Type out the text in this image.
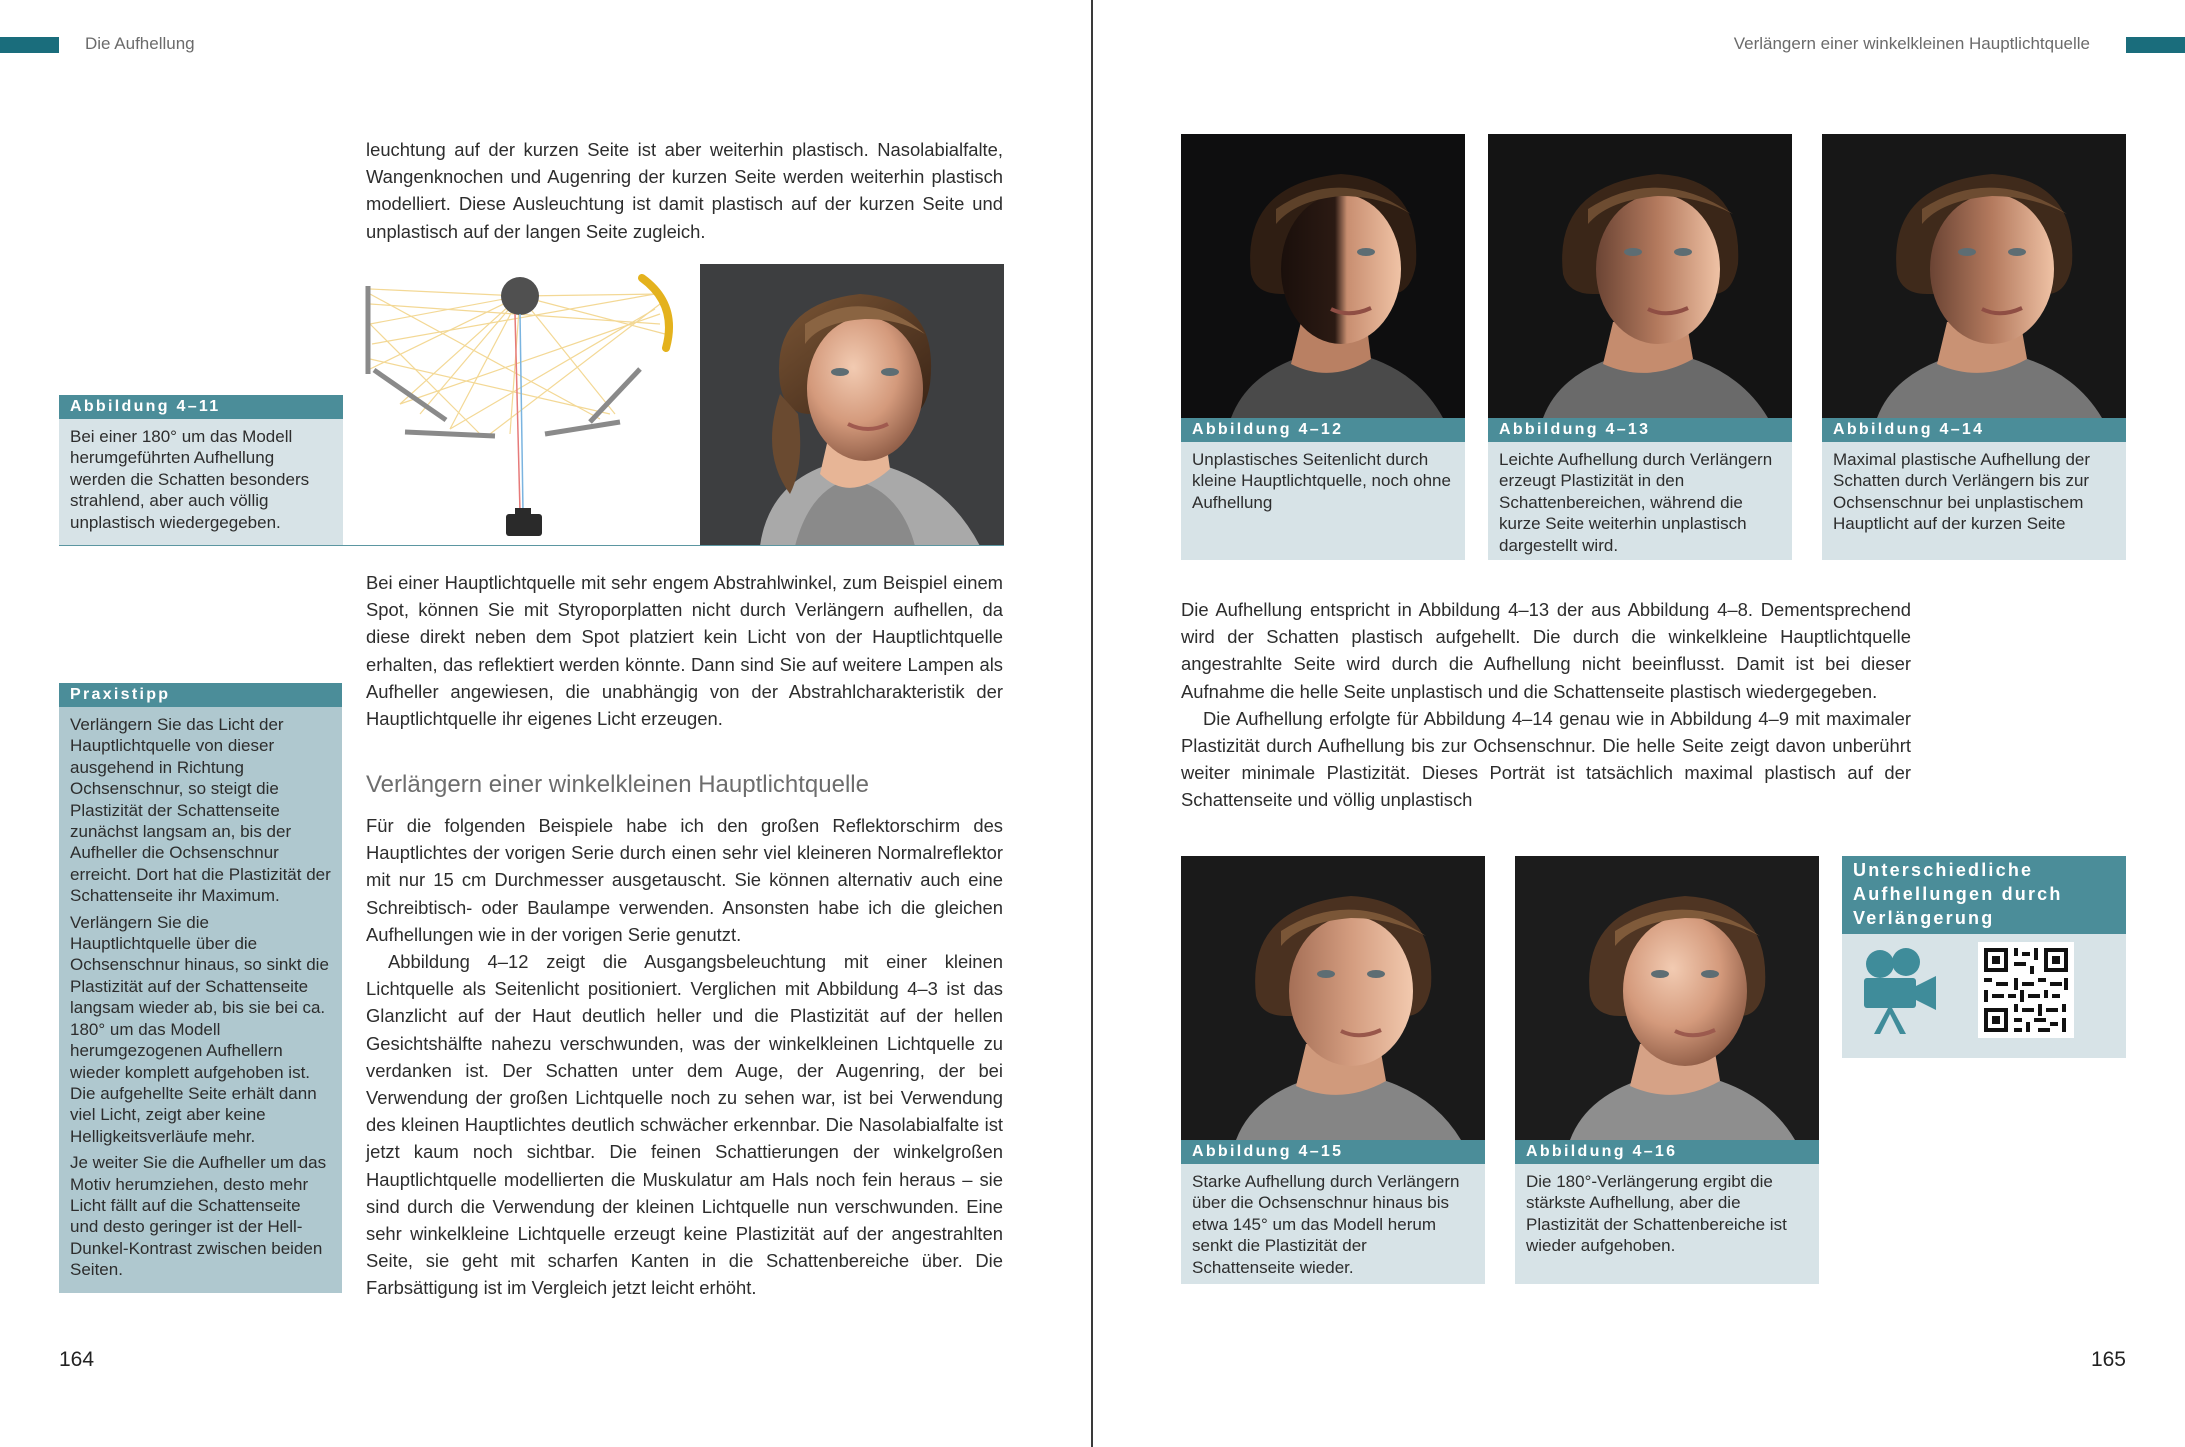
Die Aufhellung

leuchtung auf der kurzen Seite ist aber weiterhin plastisch. Nasolabialfalte, Wangenknochen und Augenring der kurzen Seite werden weiterhin plastisch modelliert. Diese Ausleuchtung ist damit plastisch auf der kurzen Seite und unplastisch auf der langen Seite zugleich.

Abbildung 4–11
Bei einer 180° um das Modell herumgeführten Aufhellung werden die Schatten besonders strahlend, aber auch völlig unplastisch wiedergegeben.

Bei einer Hauptlichtquelle mit sehr engem Abstrahlwinkel, zum Beispiel einem Spot, können Sie mit Styroporplatten nicht durch Verlängern aufhellen, da diese direkt neben dem Spot platziert kein Licht von der Hauptlichtquelle erhalten, das reflektiert werden könnte. Dann sind Sie auf weitere Lampen als Aufheller angewiesen, die unabhängig von der Abstrahlcharakteristik der Hauptlichtquelle ihr eigenes Licht erzeugen.

Verlängern einer winkelkleinen Hauptlichtquelle

Für die folgenden Beispiele habe ich den großen Reflektorschirm des Hauptlichtes der vorigen Serie durch einen sehr viel kleineren Normalreflektor mit nur 15 cm Durchmesser ausgetauscht. Sie können alternativ auch eine Schreibtisch- oder Baulampe verwenden. Ansonsten habe ich die gleichen Aufhellungen wie in der vorigen Serie genutzt.

Abbildung 4–12 zeigt die Ausgangsbeleuchtung mit einer kleinen Lichtquelle als Seitenlicht positioniert. Verglichen mit Abbildung 4–3 ist das Glanzlicht auf der Haut deutlich heller und die Plastizität auf der hellen Gesichtshälfte nahezu verschwunden, was der winkelkleinen Lichtquelle zu verdanken ist. Der Schatten unter dem Auge, der Augenring, der bei Verwendung der großen Lichtquelle noch zu sehen war, ist bei Verwendung des kleinen Hauptlichtes deutlich schwächer erkennbar. Die Nasolabialfalte ist jetzt kaum noch sichtbar. Die feinen Schattierungen der winkelgroßen Hauptlichtquelle modellierten die Muskulatur am Hals noch fein heraus – sie sind durch die Verwendung der kleinen Lichtquelle nun verschwunden. Eine sehr winkelkleine Lichtquelle erzeugt keine Plastizität auf der angestrahlten Seite, sie geht mit scharfen Kanten in die Schattenbereiche über. Die Farbsättigung ist im Vergleich jetzt leicht erhöht.

Praxistipp

Verlängern Sie das Licht der Hauptlichtquelle von dieser ausgehend in Richtung Ochsenschnur, so steigt die Plastizität der Schattenseite zunächst langsam an, bis der Aufheller die Ochsenschnur erreicht. Dort hat die Plastizität der Schattenseite ihr Maximum.

Verlängern Sie die Hauptlichtquelle über die Ochsenschnur hinaus, so sinkt die Plastizität auf der Schattenseite langsam wieder ab, bis sie bei ca. 180° um das Modell herumgezogenen Aufhellern wieder komplett aufgehoben ist. Die aufgehellte Seite erhält dann viel Licht, zeigt aber keine Helligkeitsverläufe mehr.

Je weiter Sie die Aufheller um das Motiv herumziehen, desto mehr Licht fällt auf die Schattenseite und desto geringer ist der Hell-Dunkel-Kontrast zwischen beiden Seiten.

164
Verlängern einer winkelkleinen Hauptlichtquelle
Abbildung 4–12
Unplastisches Seitenlicht durch kleine Hauptlichtquelle, noch ohne Aufhellung
Abbildung 4–13
Leichte Aufhellung durch Verlängern erzeugt Plastizität in den Schattenbereichen, während die kurze Seite weiterhin unplastisch dargestellt wird.
Abbildung 4–14
Maximal plastische Aufhellung der Schatten durch Verlängern bis zur Ochsenschnur bei unplastischem Hauptlicht auf der kurzen Seite

Die Aufhellung entspricht in Abbildung 4–13 der aus Abbildung 4–8. Dementsprechend wird der Schatten plastisch aufgehellt. Die durch die winkelkleine Hauptlichtquelle angestrahlte Seite wird durch die Aufhellung nicht beeinflusst. Damit ist bei dieser Aufnahme die helle Seite unplastisch und die Schattenseite plastisch wiedergegeben.

Die Aufhellung erfolgte für Abbildung 4–14 genau wie in Abbildung 4–9 mit maximaler Plastizität durch Aufhellung bis zur Ochsenschnur. Die helle Seite zeigt davon unberührt weiter minimale Plastizität. Dieses Porträt ist tatsächlich maximal plastisch auf der Schattenseite und völlig unplastisch

Abbildung 4–15
Starke Aufhellung durch Verlängern über die Ochsenschnur hinaus bis etwa 145° um das Modell herum senkt die Plastizität der Schattenseite wieder.
Abbildung 4–16
Die 180°-Verlängerung ergibt die stärkste Aufhellung, aber die Plastizität der Schattenbereiche ist wieder aufgehoben.
Unterschiedliche Aufhellungen durch Verlängerung
165
